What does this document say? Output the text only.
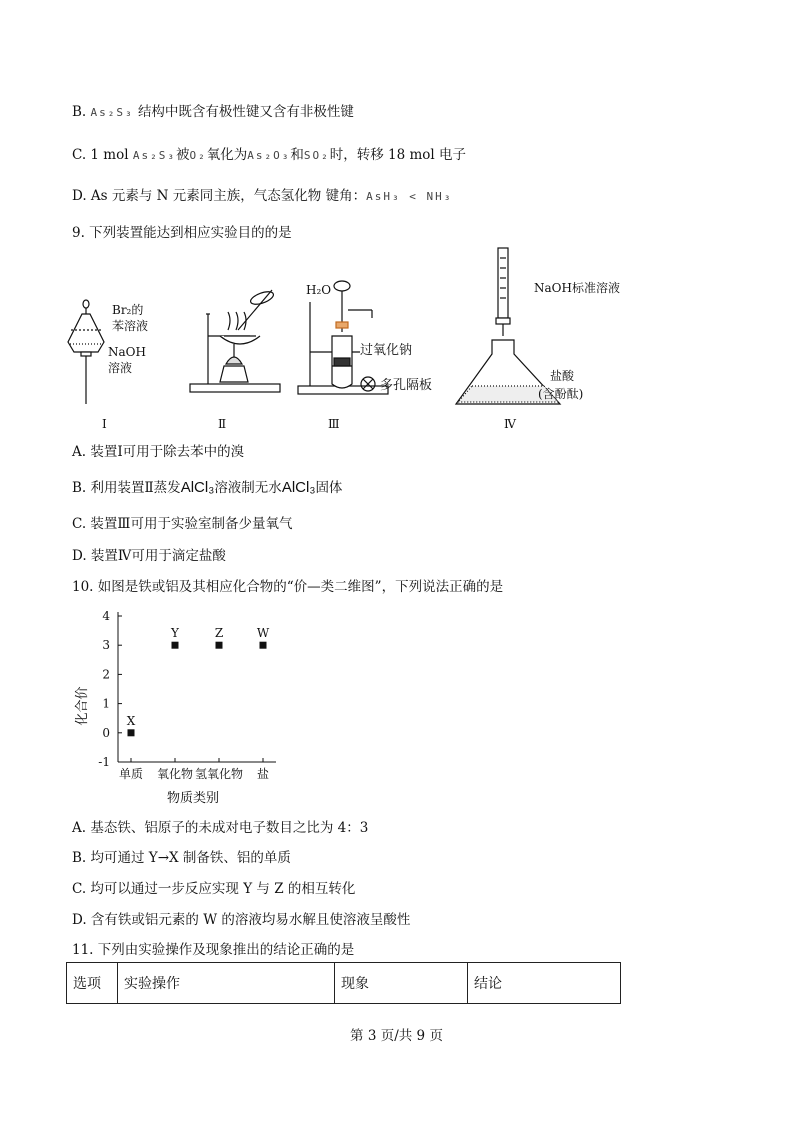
B. As₂S₃ 结构中既含有极性键又含有非极性键
C. 1 mol As₂S₃被O₂氧化为As₂O₃和SO₂时，转移 18 mol 电子
D. As 元素与 N 元素同主族，气态氢化物 键角：AsH₃ < NH₃
9. 下列装置能达到相应实验目的的是
Br₂的
苯溶液
NaOH
溶液
H₂O
过氧化钠
多孔隔板
NaOH标准溶液
盐酸
(含酚酞)
Ⅰ	Ⅱ	Ⅲ	Ⅳ
A. 装置Ⅰ可用于除去苯中的溴
B. 利用装置Ⅱ蒸发AlCl₃溶液制无水AlCl₃固体
C. 装置Ⅲ可用于实验室制备少量氧气
D. 装置Ⅳ可用于滴定盐酸
10. 如图是铁或铝及其相应化合物的“价—类二维图”，下列说法正确的是
4
3
2
1
0
-1
单质 氧化物 氢氧化物 盐
X
Y	Z	W
化合价
物质类别
A. 基态铁、铝原子的未成对电子数目之比为 4：3
B. 均可通过 Y→X 制备铁、铝的单质
C. 均可以通过一步反应实现 Y 与 Z 的相互转化
D. 含有铁或铝元素的 W 的溶液均易水解且使溶液呈酸性
11. 下列由实验操作及现象推出的结论正确的是
选项	实验操作	现象	结论
第 3 页/共 9 页
